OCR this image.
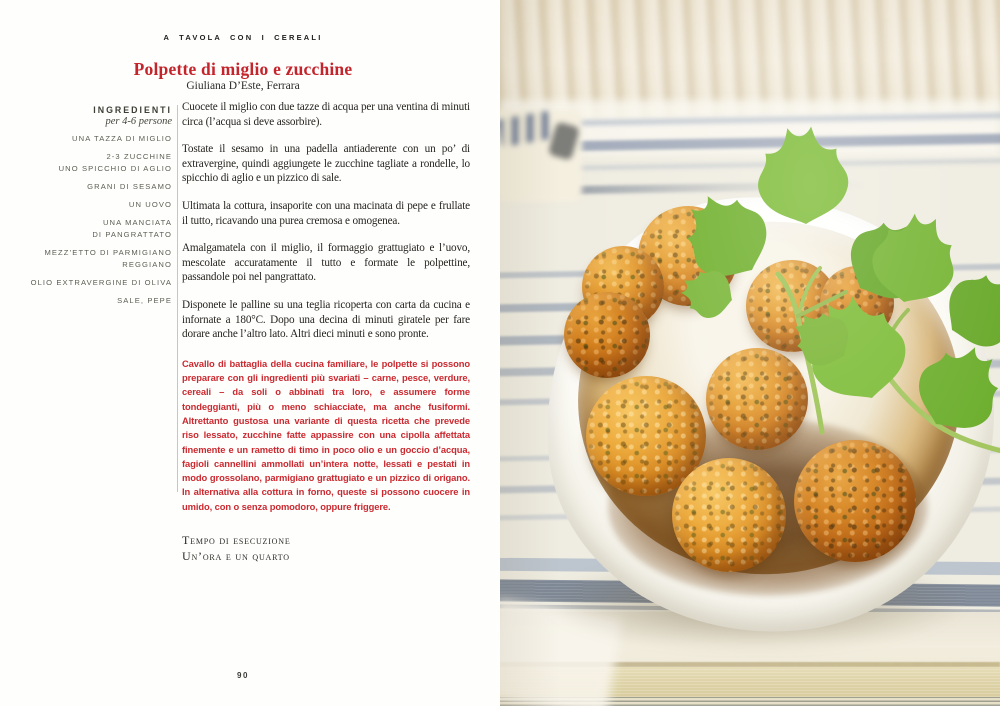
A TAVOLA CON I CEREALI
Polpette di miglio e zucchine
Giuliana D’Este, Ferrara
INGREDIENTI
per 4-6 persone
UNA TAZZA DI MIGLIO
2-3 ZUCCHINE
UNO SPICCHIO DI AGLIO
GRANI DI SESAMO
UN UOVO
UNA MANCIATA
DI PANGRATTATO
MEZZ’ETTO DI PARMIGIANO
REGGIANO
OLIO EXTRAVERGINE DI OLIVA
SALE, PEPE

Cuocete il miglio con due tazze di acqua per una ventina di minuti circa (l’acqua si deve assorbire).

Tostate il sesamo in una padella antiaderente con un po’ di extravergine, quindi aggiungete le zucchine tagliate a rondelle, lo spicchio di aglio e un pizzico di sale.

Ultimata la cottura, insaporite con una macinata di pepe e frullate il tutto, ricavando una purea cremosa e omogenea.

Amalgamatela con il miglio, il formaggio grattugiato e l’uovo, mescolate accuratamente il tutto e formate le polpettine, passandole poi nel pangrattato.

Disponete le palline su una teglia ricoperta con carta da cucina e infornate a 180°C. Dopo una decina di minuti giratele per fare dorare anche l’altro lato. Altri dieci minuti e sono pronte.

Cavallo di battaglia della cucina familiare, le polpette si possono preparare con gli ingredienti più svariati – carne, pesce, verdure, cereali – da soli o abbinati tra loro, e assumere forme tondeggianti, più o meno schiacciate, ma anche fusiformi. Altrettanto gustosa una variante di questa ricetta che prevede riso lessato, zucchine fatte appassire con una cipolla affettata finemente e un rametto di timo in poco olio e un goccio d’acqua, fagioli cannellini ammollati un’intera notte, lessati e pestati in modo grossolano, parmigiano grattugiato e un pizzico di origano. In alternativa alla cottura in forno, queste si possono cuocere in umido, con o senza pomodoro, oppure friggere.

Tempo di esecuzione
Un’ora e un quarto
90
